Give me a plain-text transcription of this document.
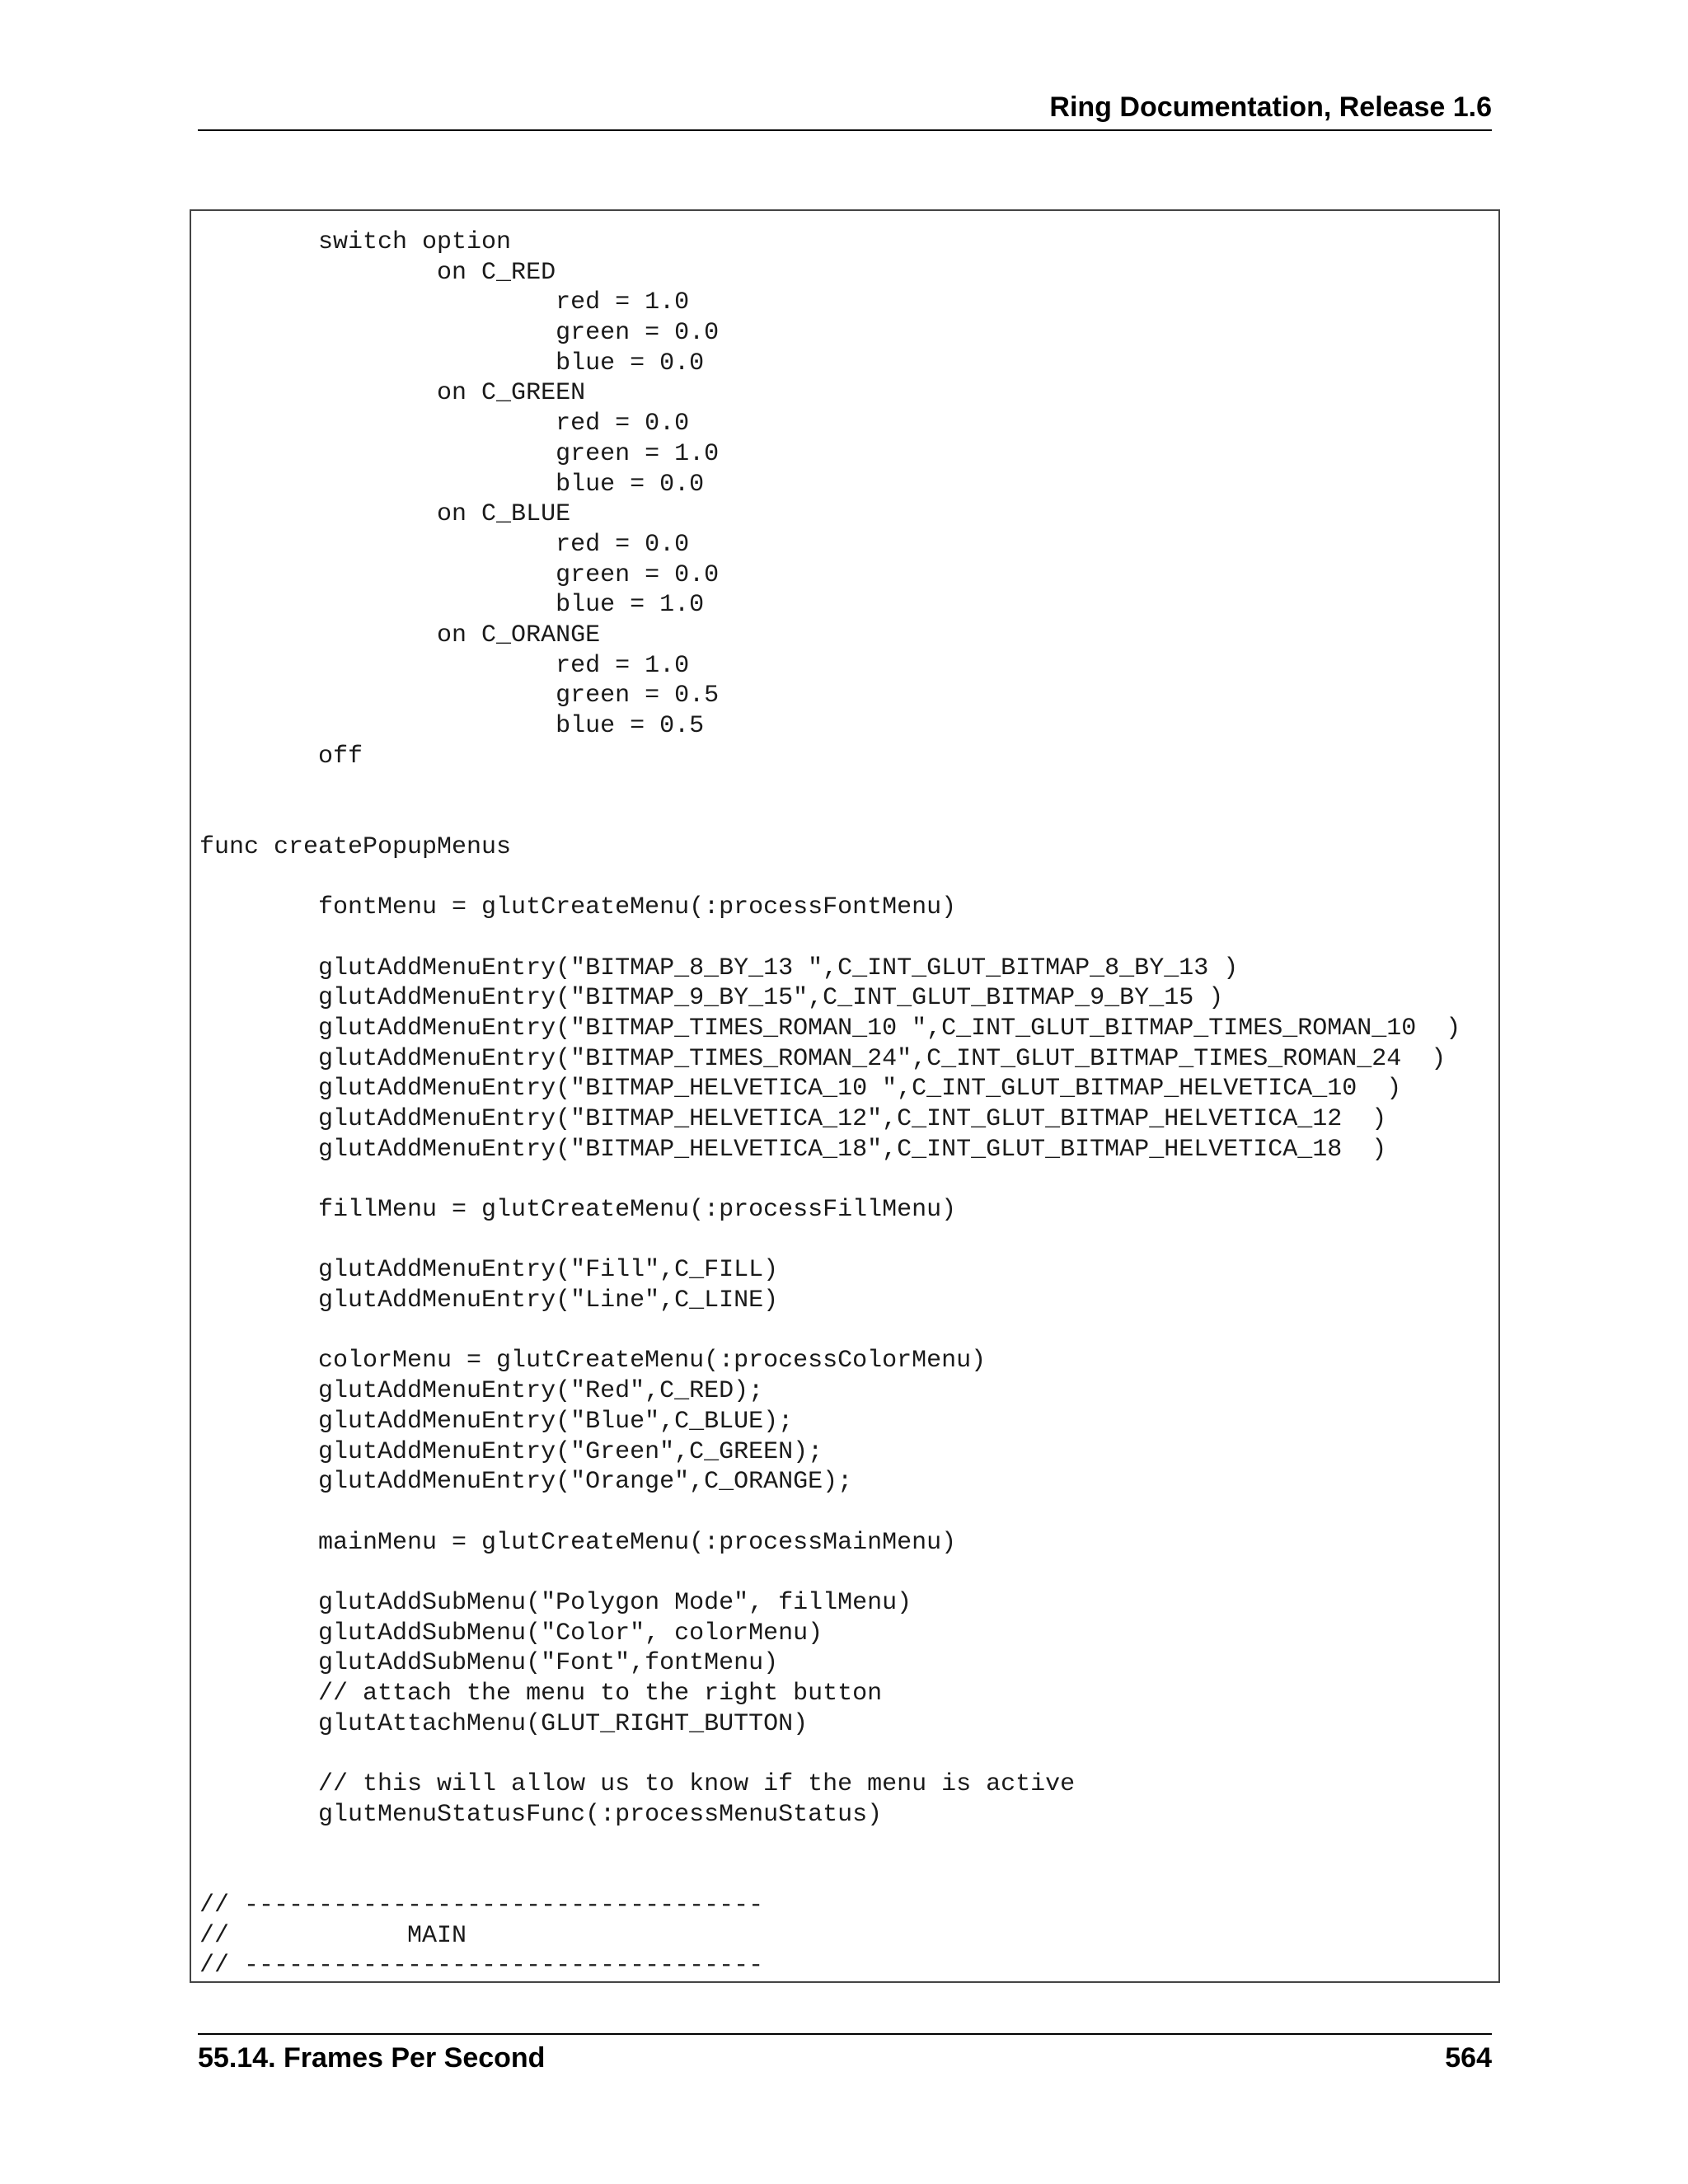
Ring Documentation, Release 1.6
switch option
on C_RED
red = 1.0
green = 0.0
blue = 0.0
on C_GREEN
red = 0.0
green = 1.0
blue = 0.0
on C_BLUE
red = 0.0
green = 0.0
blue = 1.0
on C_ORANGE
red = 1.0
green = 0.5
blue = 0.5
off
func createPopupMenus
fontMenu = glutCreateMenu(:processFontMenu)
glutAddMenuEntry("BITMAP_8_BY_13 ",C_INT_GLUT_BITMAP_8_BY_13 )
glutAddMenuEntry("BITMAP_9_BY_15",C_INT_GLUT_BITMAP_9_BY_15 )
glutAddMenuEntry("BITMAP_TIMES_ROMAN_10 ",C_INT_GLUT_BITMAP_TIMES_ROMAN_10  )
glutAddMenuEntry("BITMAP_TIMES_ROMAN_24",C_INT_GLUT_BITMAP_TIMES_ROMAN_24  )
glutAddMenuEntry("BITMAP_HELVETICA_10 ",C_INT_GLUT_BITMAP_HELVETICA_10  )
glutAddMenuEntry("BITMAP_HELVETICA_12",C_INT_GLUT_BITMAP_HELVETICA_12  )
glutAddMenuEntry("BITMAP_HELVETICA_18",C_INT_GLUT_BITMAP_HELVETICA_18  )
fillMenu = glutCreateMenu(:processFillMenu)
glutAddMenuEntry("Fill",C_FILL)
glutAddMenuEntry("Line",C_LINE)
colorMenu = glutCreateMenu(:processColorMenu)
glutAddMenuEntry("Red",C_RED);
glutAddMenuEntry("Blue",C_BLUE);
glutAddMenuEntry("Green",C_GREEN);
glutAddMenuEntry("Orange",C_ORANGE);
mainMenu = glutCreateMenu(:processMainMenu)
glutAddSubMenu("Polygon Mode", fillMenu)
glutAddSubMenu("Color", colorMenu)
glutAddSubMenu("Font",fontMenu)
// attach the menu to the right button
glutAttachMenu(GLUT_RIGHT_BUTTON)
// this will allow us to know if the menu is active
glutMenuStatusFunc(:processMenuStatus)
// -----------------------------------
//            MAIN
// -----------------------------------
55.14. Frames Per Second	564
